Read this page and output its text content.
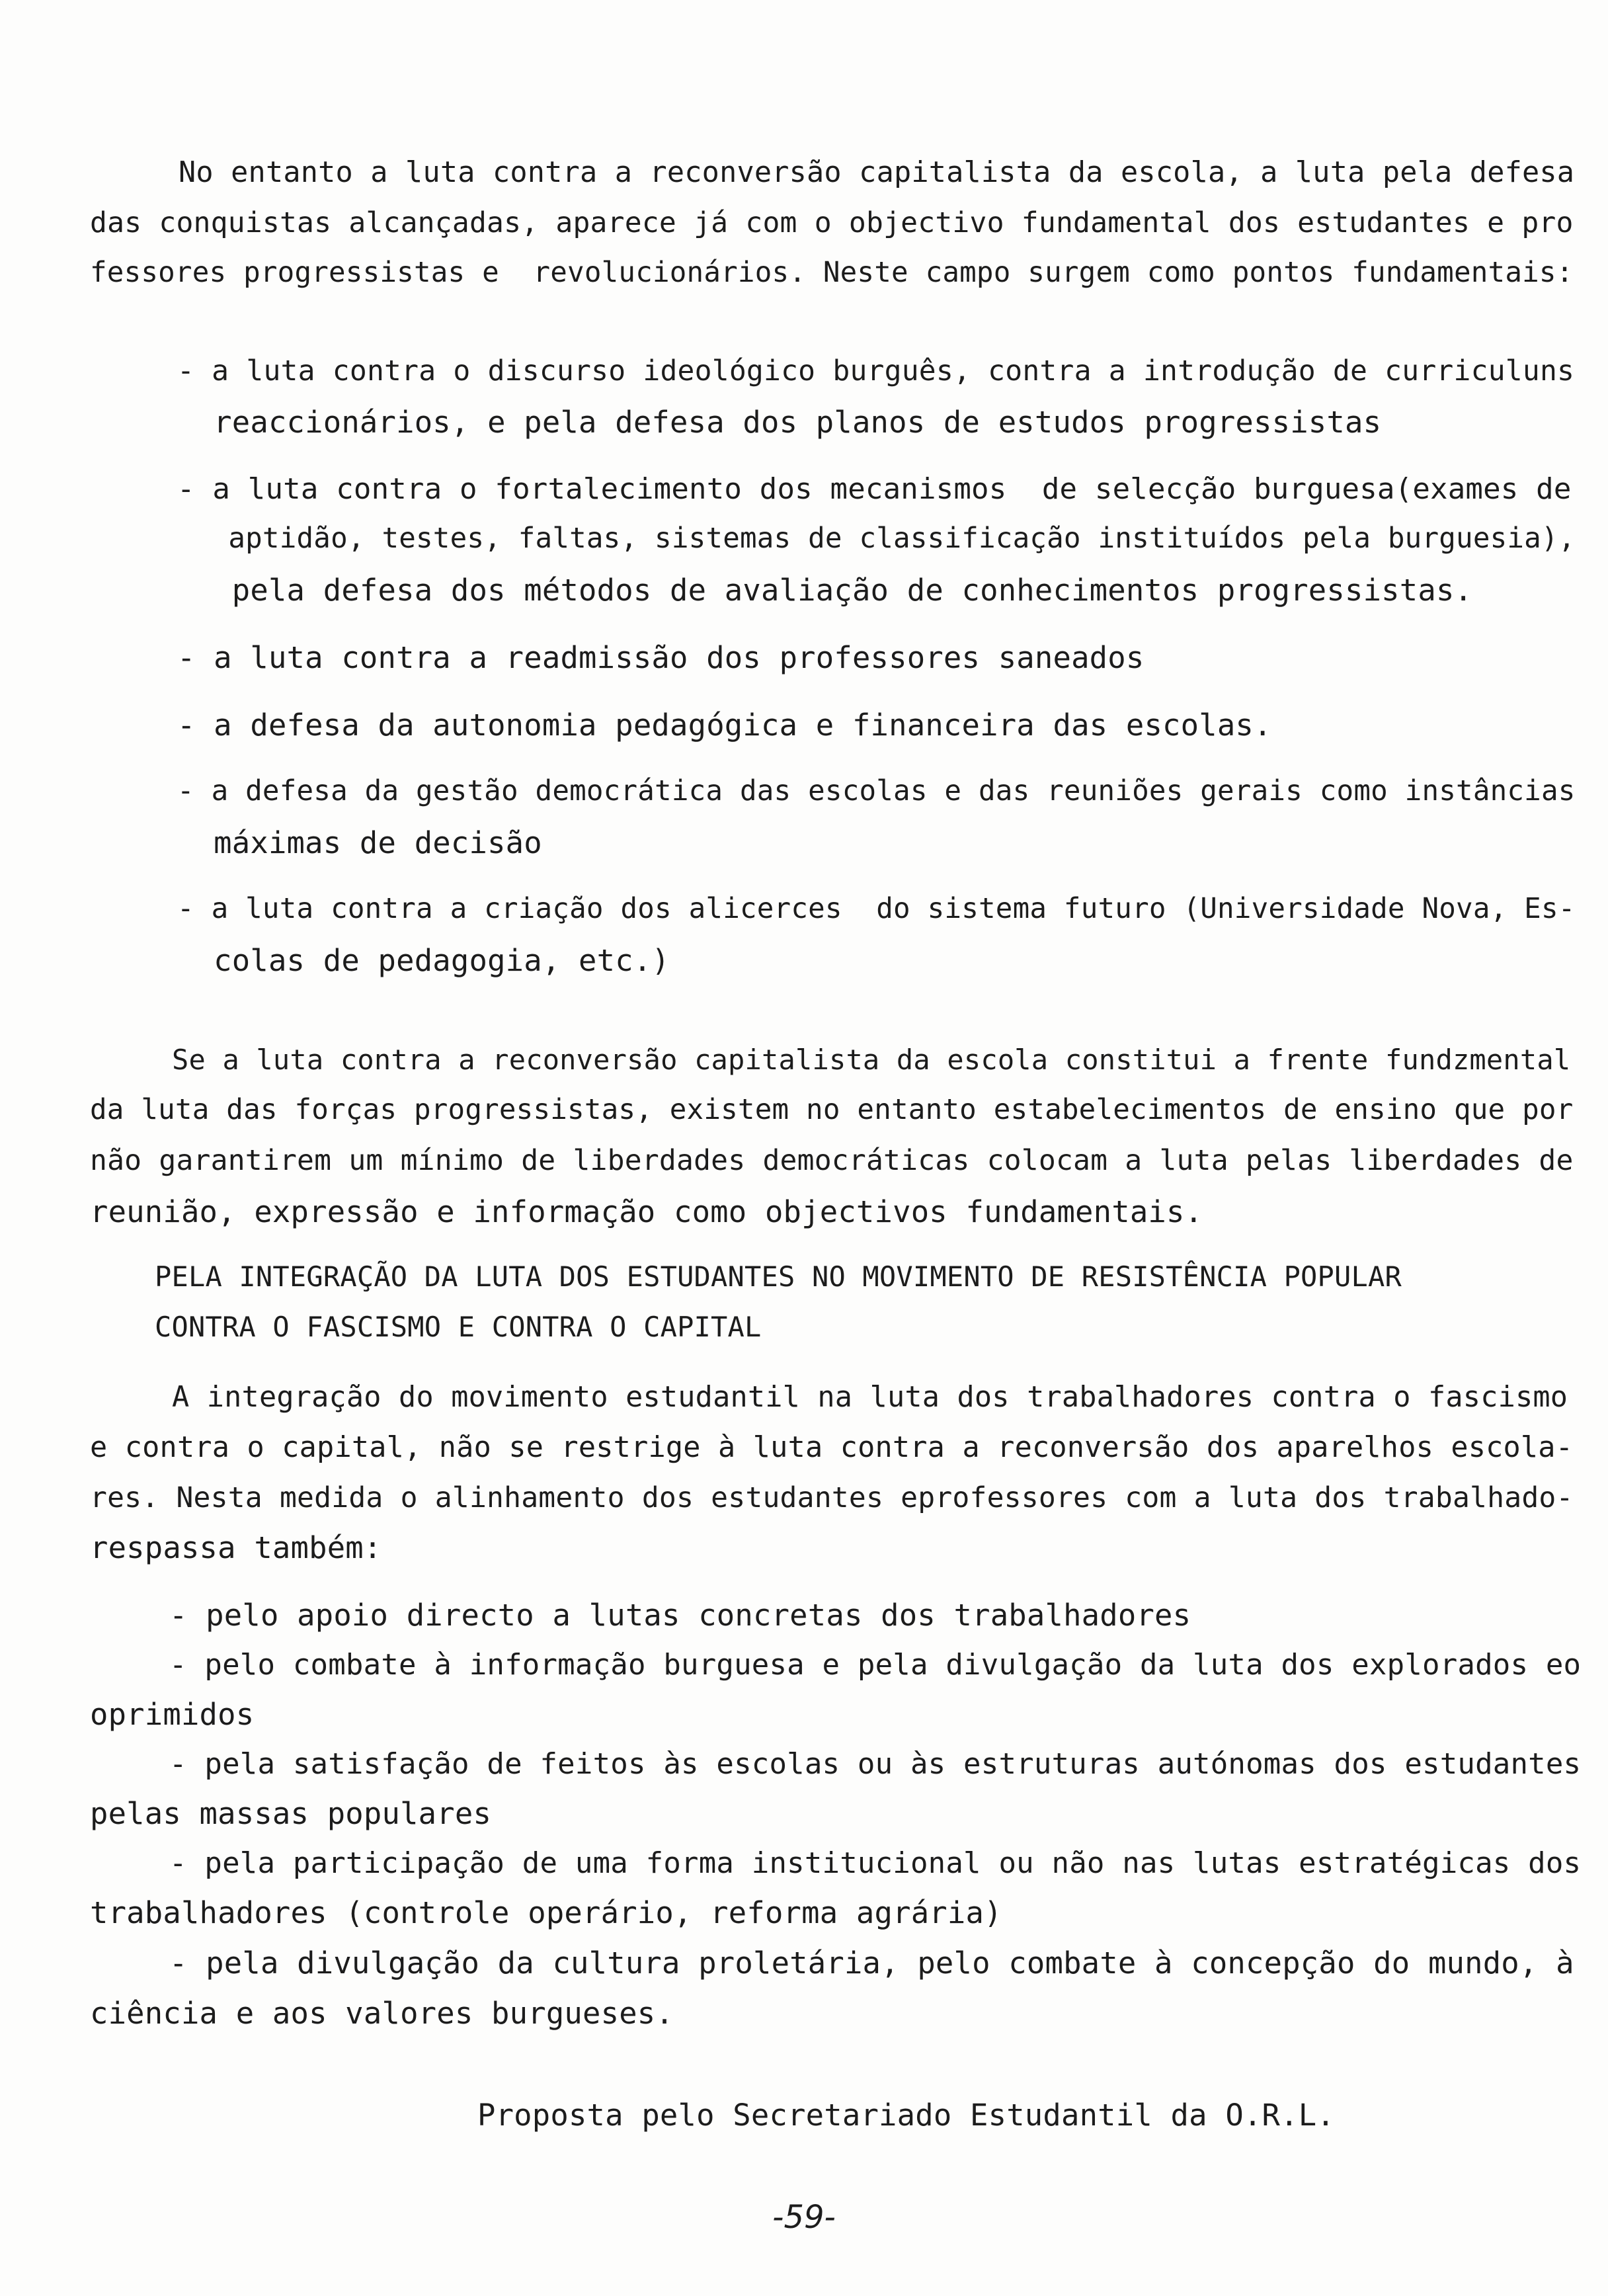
No entanto a luta contra a reconversão capitalista da escola, a luta pela defesa
das conquistas alcançadas, aparece já com o objectivo fundamental dos estudantes e pro
fessores progressistas e  revolucionários. Neste campo surgem como pontos fundamentais:
- a luta contra o discurso ideológico burguês, contra a introdução de curriculuns
reaccionários, e pela defesa dos planos de estudos progressistas
- a luta contra o fortalecimento dos mecanismos  de selecção burguesa(exames de
aptidão, testes, faltas, sistemas de classificação instituídos pela burguesia),
pela defesa dos métodos de avaliação de conhecimentos progressistas.
- a luta contra a readmissão dos professores saneados
- a defesa da autonomia pedagógica e financeira das escolas.
- a defesa da gestão democrática das escolas e das reuniões gerais como instâncias
máximas de decisão
- a luta contra a criação dos alicerces  do sistema futuro (Universidade Nova, Es-
colas de pedagogia, etc.)
Se a luta contra a reconversão capitalista da escola constitui a frente fundzmental
da luta das forças progressistas, existem no entanto estabelecimentos de ensino que por
não garantirem um mínimo de liberdades democráticas colocam a luta pelas liberdades de
reunião, expressão e informação como objectivos fundamentais.
PELA INTEGRAÇÃO DA LUTA DOS ESTUDANTES NO MOVIMENTO DE RESISTÊNCIA POPULAR
CONTRA O FASCISMO E CONTRA O CAPITAL
A integração do movimento estudantil na luta dos trabalhadores contra o fascismo
e contra o capital, não se restrige à luta contra a reconversão dos aparelhos escola-
res. Nesta medida o alinhamento dos estudantes eprofessores com a luta dos trabalhado-
respassa também:
- pelo apoio directo a lutas concretas dos trabalhadores
- pelo combate à informação burguesa e pela divulgação da luta dos explorados eo
oprimidos
- pela satisfação de feitos às escolas ou às estruturas autónomas dos estudantes
pelas massas populares
- pela participação de uma forma institucional ou não nas lutas estratégicas dos
trabalhadores (controle operário, reforma agrária)
- pela divulgação da cultura proletária, pelo combate à concepção do mundo, à
ciência e aos valores burgueses.
Proposta pelo Secretariado Estudantil da O.R.L.
-59-
